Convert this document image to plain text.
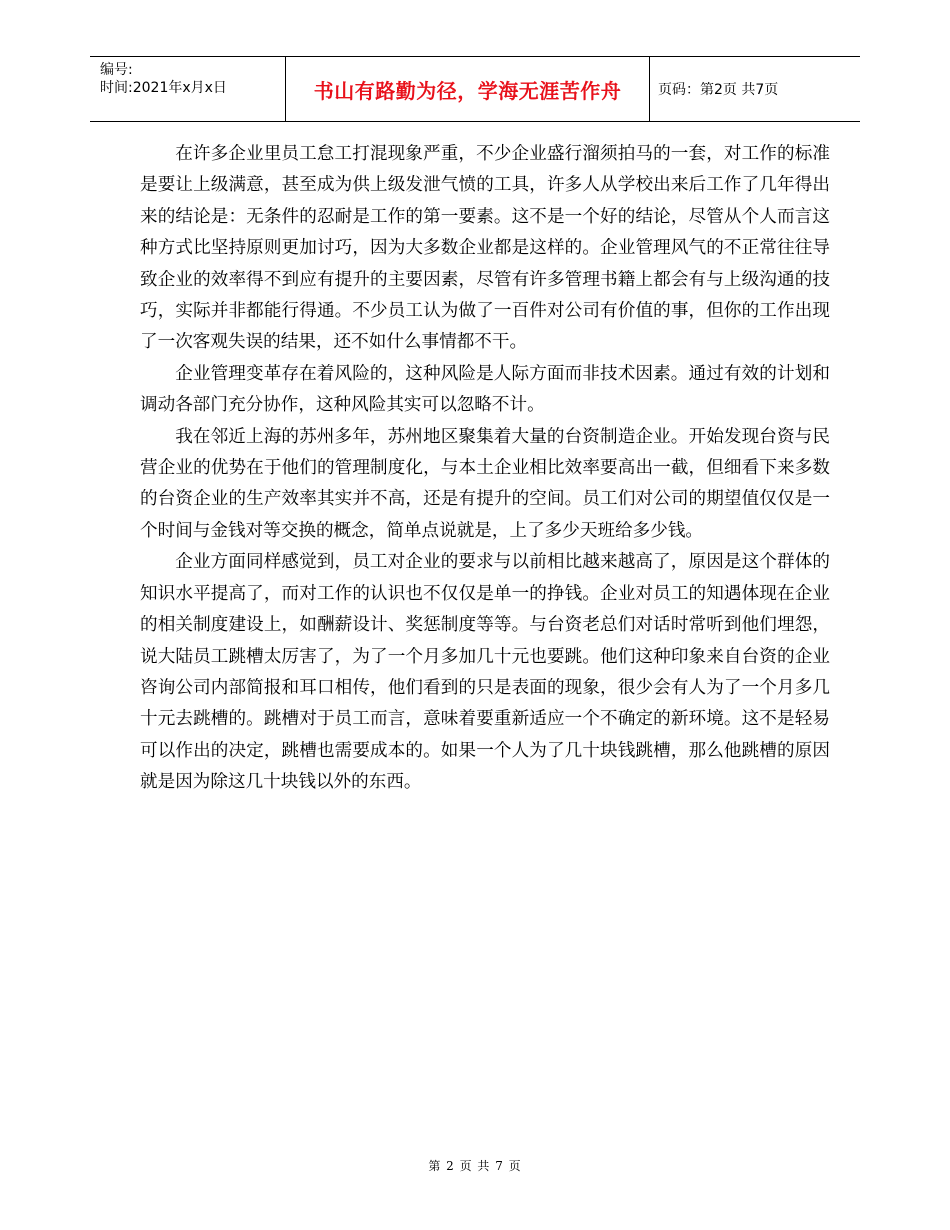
编号:
时间:2021年x月x日	书山有路勤为径，学海无涯苦作舟	页码：第2页 共7页

在许多企业里员工怠工打混现象严重，不少企业盛行溜须拍马的一套，对工作的标准是要让上级满意，甚至成为供上级发泄气愤的工具，许多人从学校出来后工作了几年得出来的结论是：无条件的忍耐是工作的第一要素。这不是一个好的结论，尽管从个人而言这种方式比坚持原则更加讨巧，因为大多数企业都是这样的。企业管理风气的不正常往往导致企业的效率得不到应有提升的主要因素，尽管有许多管理书籍上都会有与上级沟通的技巧，实际并非都能行得通。不少员工认为做了一百件对公司有价值的事，但你的工作出现了一次客观失误的结果，还不如什么事情都不干。

企业管理变革存在着风险的，这种风险是人际方面而非技术因素。通过有效的计划和调动各部门充分协作，这种风险其实可以忽略不计。

我在邻近上海的苏州多年，苏州地区聚集着大量的台资制造企业。开始发现台资与民营企业的优势在于他们的管理制度化，与本土企业相比效率要高出一截，但细看下来多数的台资企业的生产效率其实并不高，还是有提升的空间。员工们对公司的期望值仅仅是一个时间与金钱对等交换的概念，简单点说就是，上了多少天班给多少钱。

企业方面同样感觉到，员工对企业的要求与以前相比越来越高了，原因是这个群体的知识水平提高了，而对工作的认识也不仅仅是单一的挣钱。企业对员工的知遇体现在企业的相关制度建设上，如酬薪设计、奖惩制度等等。与台资老总们对话时常听到他们埋怨，说大陆员工跳槽太厉害了，为了一个月多加几十元也要跳。他们这种印象来自台资的企业咨询公司内部简报和耳口相传，他们看到的只是表面的现象，很少会有人为了一个月多几十元去跳槽的。跳槽对于员工而言，意味着要重新适应一个不确定的新环境。这不是轻易可以作出的决定，跳槽也需要成本的。如果一个人为了几十块钱跳槽，那么他跳槽的原因就是因为除这几十块钱以外的东西。

第 2 页 共 7 页
